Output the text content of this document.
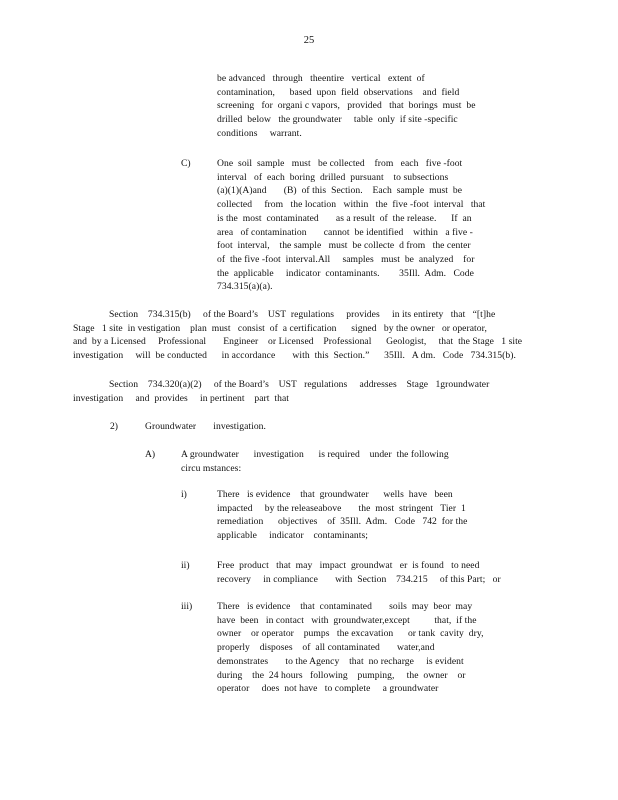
25
be advanced   through   theentire   vertical   extent  of
contamination,      based  upon  field  observations    and  field
screening   for  organi c vapors,   provided   that  borings  must  be
drilled  below   the groundwater     table  only  if site -specific
conditions     warrant.
C)	One  soil  sample   must   be collected    from   each   five -foot
interval   of  each  boring  drilled  pursuant    to subsections
(a)(1)(A)and       (B)  of this  Section.    Each  sample  must  be
collected     from   the location   within   the  five -foot  interval   that
is the  most  contaminated       as a result  of  the release.      If  an
area   of contamination       cannot  be identified    within   a five -
foot  interval,    the sample   must  be collecte  d from   the center
of  the five -foot  interval.All     samples   must  be  analyzed    for
the  applicable     indicator  contaminants.        35Ill.  Adm.   Code
734.315(a)(a).
Section    734.315(b)     of the Board’s    UST  regulations     provides     in its entirety   that   “[t]he
Stage   1 site  in vestigation    plan  must   consist  of  a certification      signed   by the owner   or operator,
and  by a Licensed     Professional       Engineer    or Licensed    Professional      Geologist,     that  the Stage   1 site
investigation     will  be conducted      in accordance       with  this  Section.”      35Ill.   A dm.   Code   734.315(b).
Section    734.320(a)(2)     of the Board’s    UST   regulations     addresses    Stage   1groundwater
investigation     and  provides     in pertinent    part  that
2)	Groundwater       investigation.
A)	A groundwater      investigation      is required    under  the following
circu mstances:
i)	There   is evidence    that  groundwater      wells  have   been
impacted     by the releaseabove       the  most  stringent   Tier  1
remediation      objectives    of  35Ill.  Adm.   Code   742  for the
applicable     indicator    contaminants;
ii)	Free  product   that  may   impact  groundwat   er  is found   to need
recovery     in compliance       with  Section    734.215     of this Part;   or
iii)	There   is evidence    that  contaminated       soils  may  beor  may
have  been   in contact   with  groundwater,except          that,  if the
owner    or operator    pumps   the excavation      or tank  cavity  dry,
properly    disposes    of  all contaminated       water,and
demonstrates       to the Agency    that  no recharge     is evident
during    the  24 hours   following    pumping,     the  owner    or
operator     does  not have   to complete     a groundwater
